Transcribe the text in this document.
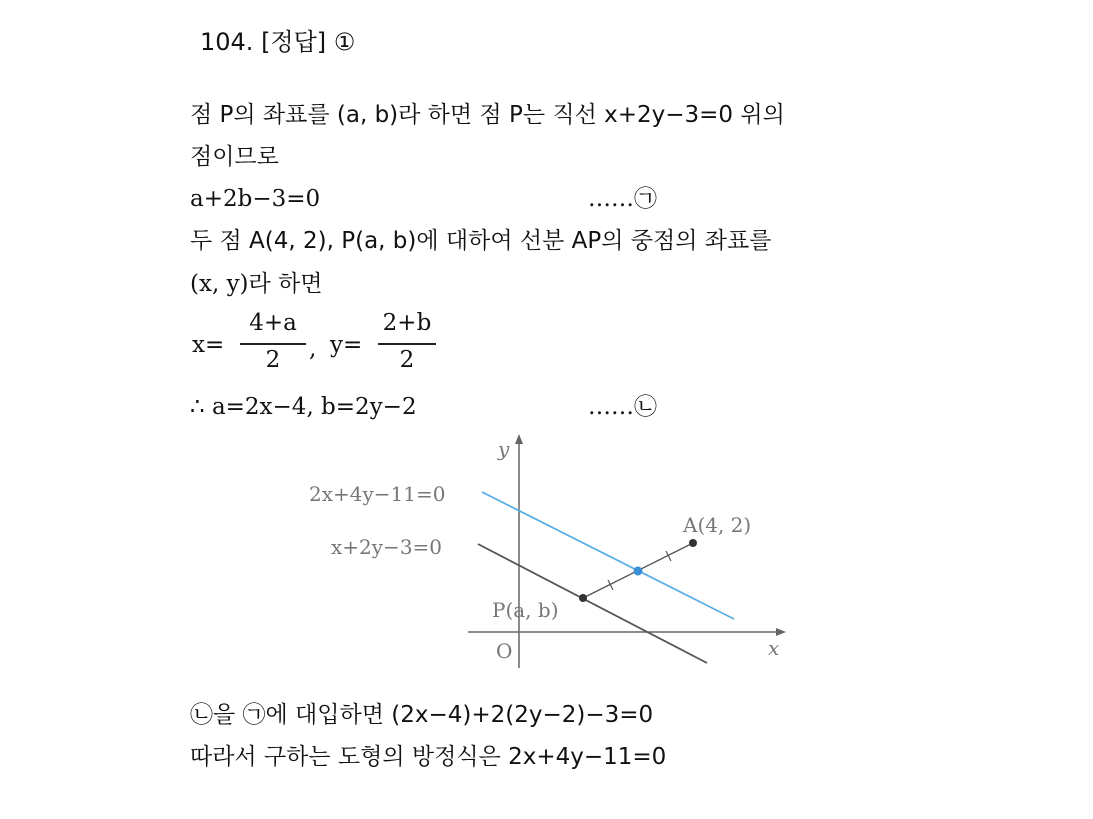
104. [정답] ①
점 P의 좌표를 (a, b)라 하면 점 P는 직선 x+2y−3=0 위의
점이므로
a+2b−3=0	……㉠
두 점 A(4, 2), P(a, b)에 대하여 선분 AP의 중점의 좌표를
(x, y)라 하면
x=
4+a
2	, y=
2+b
2
∴ a=2x−4, b=2y−2	……㉡
y
x
O
2x+4y−11=0
x+2y−3=0
A(4, 2)
P(a, b)
㉡을 ㉠에 대입하면 (2x−4)+2(2y−2)−3=0
따라서 구하는 도형의 방정식은 2x+4y−11=0
